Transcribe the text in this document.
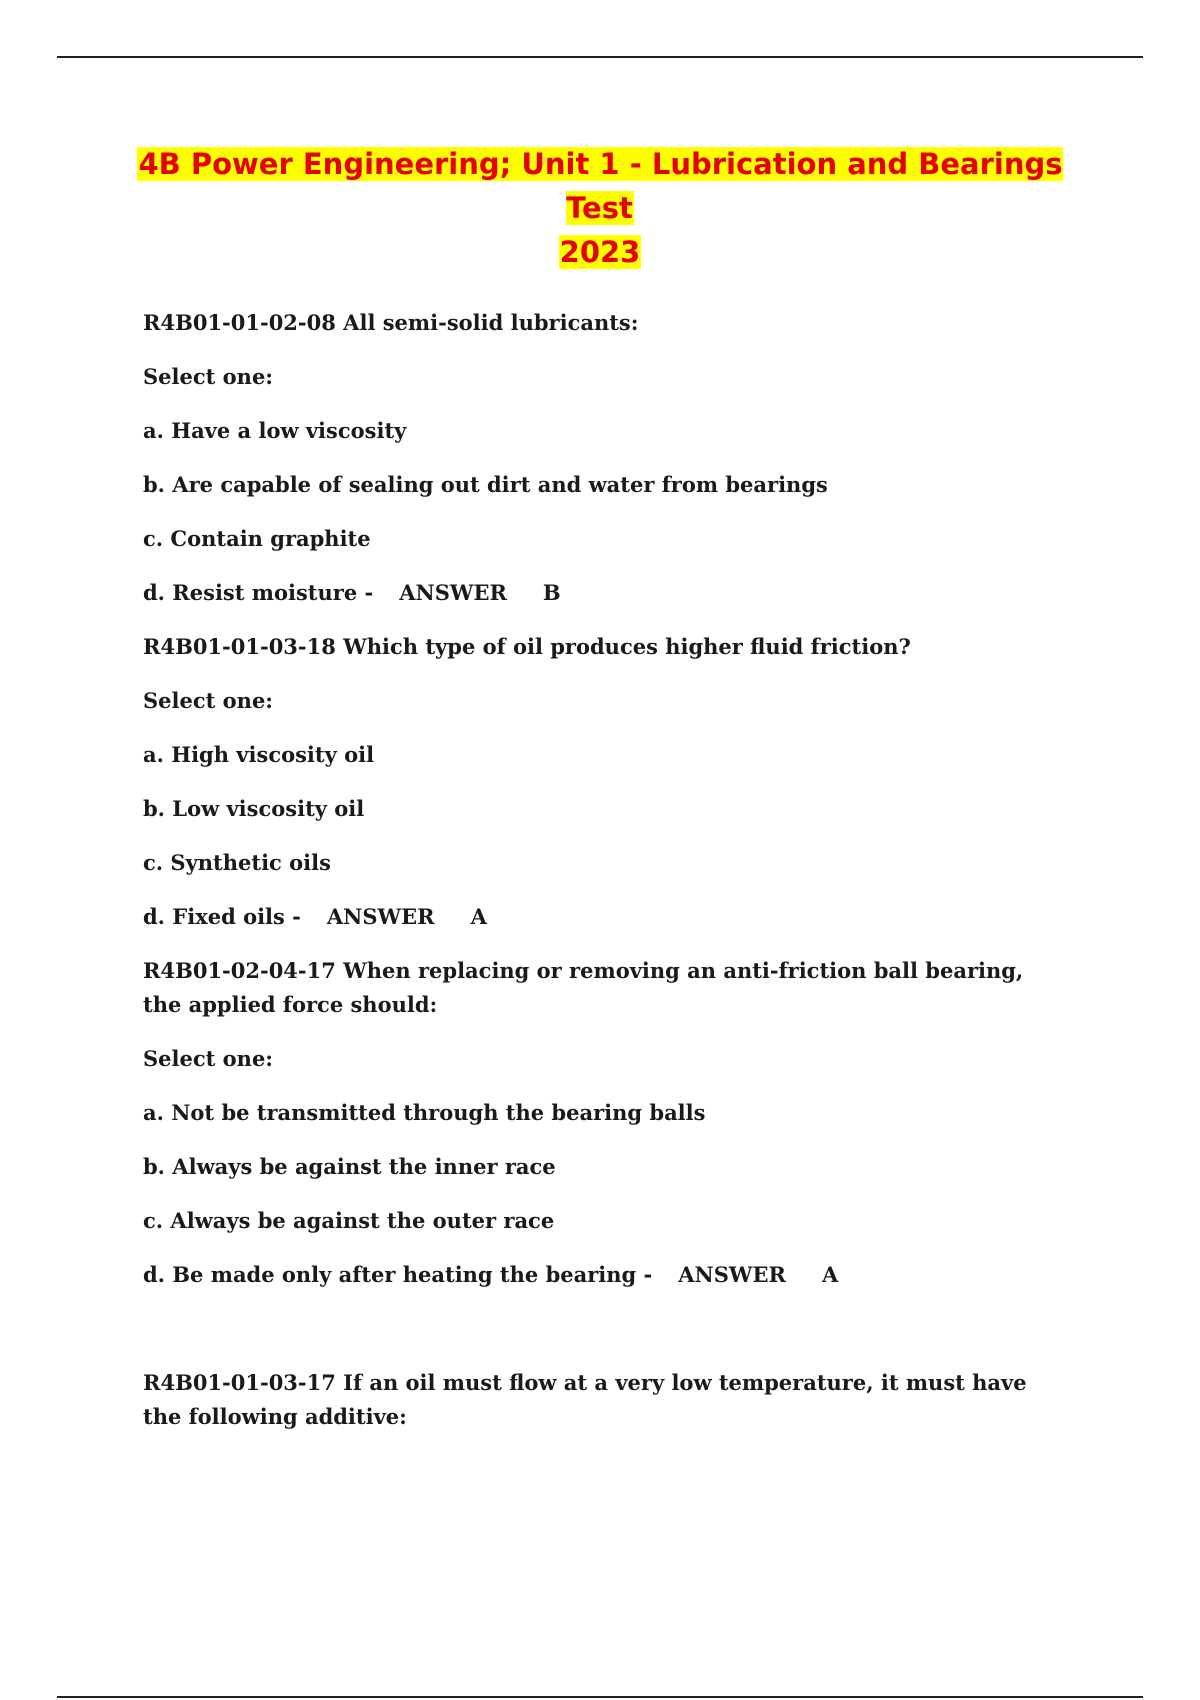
4B Power Engineering; Unit 1 - Lubrication and Bearings Test
2023
R4B01-01-02-08 All semi-solid lubricants:
Select one:
a. Have a low viscosity
b. Are capable of sealing out dirt and water from bearings
c. Contain graphite
d. Resist moisture - ANSWER B
R4B01-01-03-18 Which type of oil produces higher fluid friction?
Select one:
a. High viscosity oil
b. Low viscosity oil
c. Synthetic oils
d. Fixed oils - ANSWER A
R4B01-02-04-17 When replacing or removing an anti-friction ball bearing, the applied force should:
Select one:
a. Not be transmitted through the bearing balls
b. Always be against the inner race
c. Always be against the outer race
d. Be made only after heating the bearing - ANSWER A
R4B01-01-03-17 If an oil must flow at a very low temperature, it must have the following additive:
